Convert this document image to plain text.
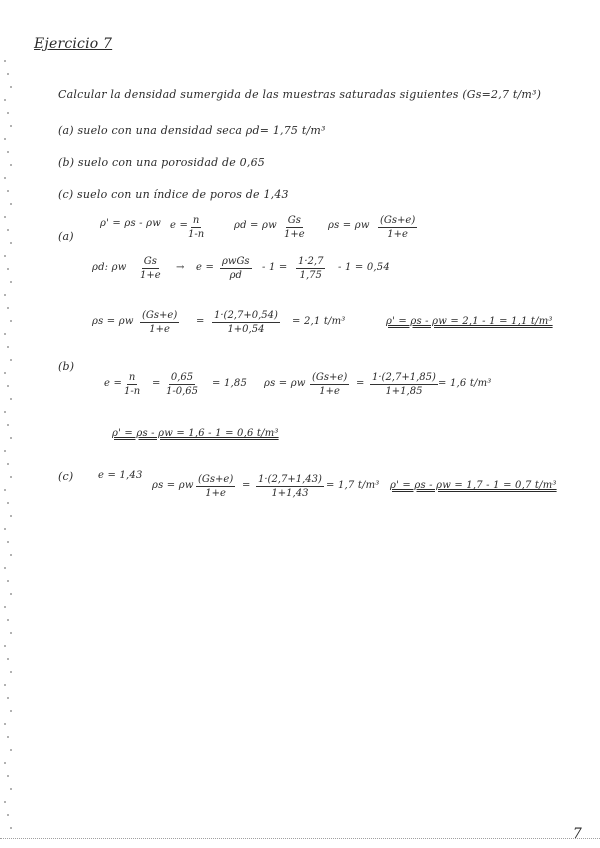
Ejercicio 7
Calcular la densidad sumergida de las muestras saturadas siguientes (Gs=2,7 t/m³)
(a) suelo con una densidad seca ρd= 1,75 t/m³
(b) suelo con una porosidad de 0,65
(c) suelo con un índice de poros de 1,43
(a)
ρ' = ρs - ρw $e = \frac{n}{1-n}$	ρd = ρw $\frac{Gs}{1+e}$ ρs = ρw $\frac{(Gs+e)}{1+e}$
ρd: ρw $\frac{Gs}{1+e} \to e$ =
ρwGs
ρd
- $1 = \frac{1\cdot 2,7}{1,75} - 1 = 0,54$
ρs = ρw $\frac{(Gs+e)}{1+e} = \frac{1\cdot(2,7+0,54)}{1+0,54} = 2,1$ t/m³	ρ' = ρs - ρw = 2,1 - 1 = 1,1 t/m³
(b)
$e = \frac{n}{1-n} = \frac{0,65}{1-0,65} = 1,85$ ρs = ρw $\frac{(Gs+e)}{1+e} = \frac{1\cdot(2,7+1,85)}{1+1,85} = 1,6$ t/m³
ρ' = ρs - ρw = 1,6 - 1 = 0,6 t/m³
(c) e = 1,43
ρs = ρw $\frac{(Gs+e)}{1+e} = \frac{1\cdot(2,7+1,43)}{1+1,43} = 1,7$ t/m³ ρ' = ρs - ρw = 1,7 - 1 = 0,7 t/m³
7
